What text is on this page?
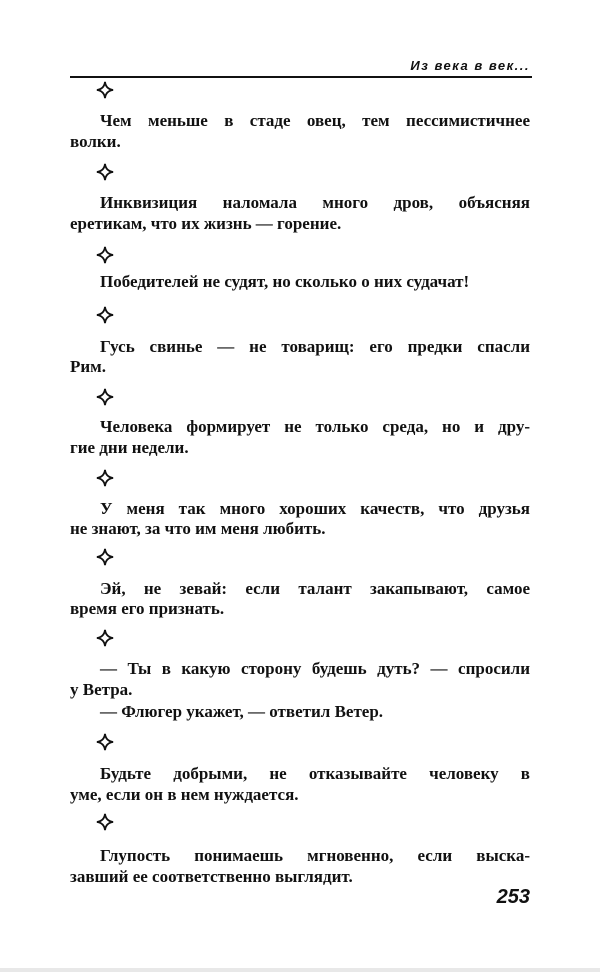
Из века в век...
Чем меньше в стаде овец, тем пессимистичнее
волки.
Инквизиция наломала много дров, объясняя
еретикам, что их жизнь — горение.
Победителей не судят, но сколько о них судачат!
Гусь свинье — не товарищ: его предки спасли
Рим.
Человека формирует не только среда, но и дру-
гие дни недели.
У меня так много хороших качеств, что друзья
не знают, за что им меня любить.
Эй, не зевай: если талант закапывают, самое
время его признать.
— Ты в какую сторону будешь дуть? — спросили
у Ветра.
— Флюгер укажет, — ответил Ветер.
Будьте добрыми, не отказывайте человеку в
уме, если он в нем нуждается.
Глупость понимаешь мгновенно, если выска-
завший ее соответственно выглядит.
253
